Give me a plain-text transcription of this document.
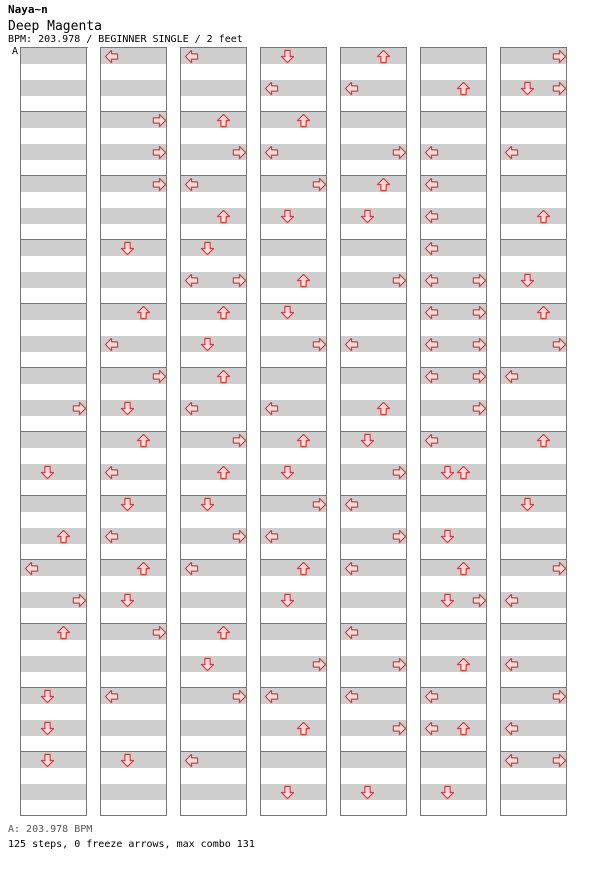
Naya~n
Deep Magenta
BPM: 203.978 / BEGINNER SINGLE / 2 feet
A
A: 203.978 BPM
125 steps, 0 freeze arrows, max combo 131
